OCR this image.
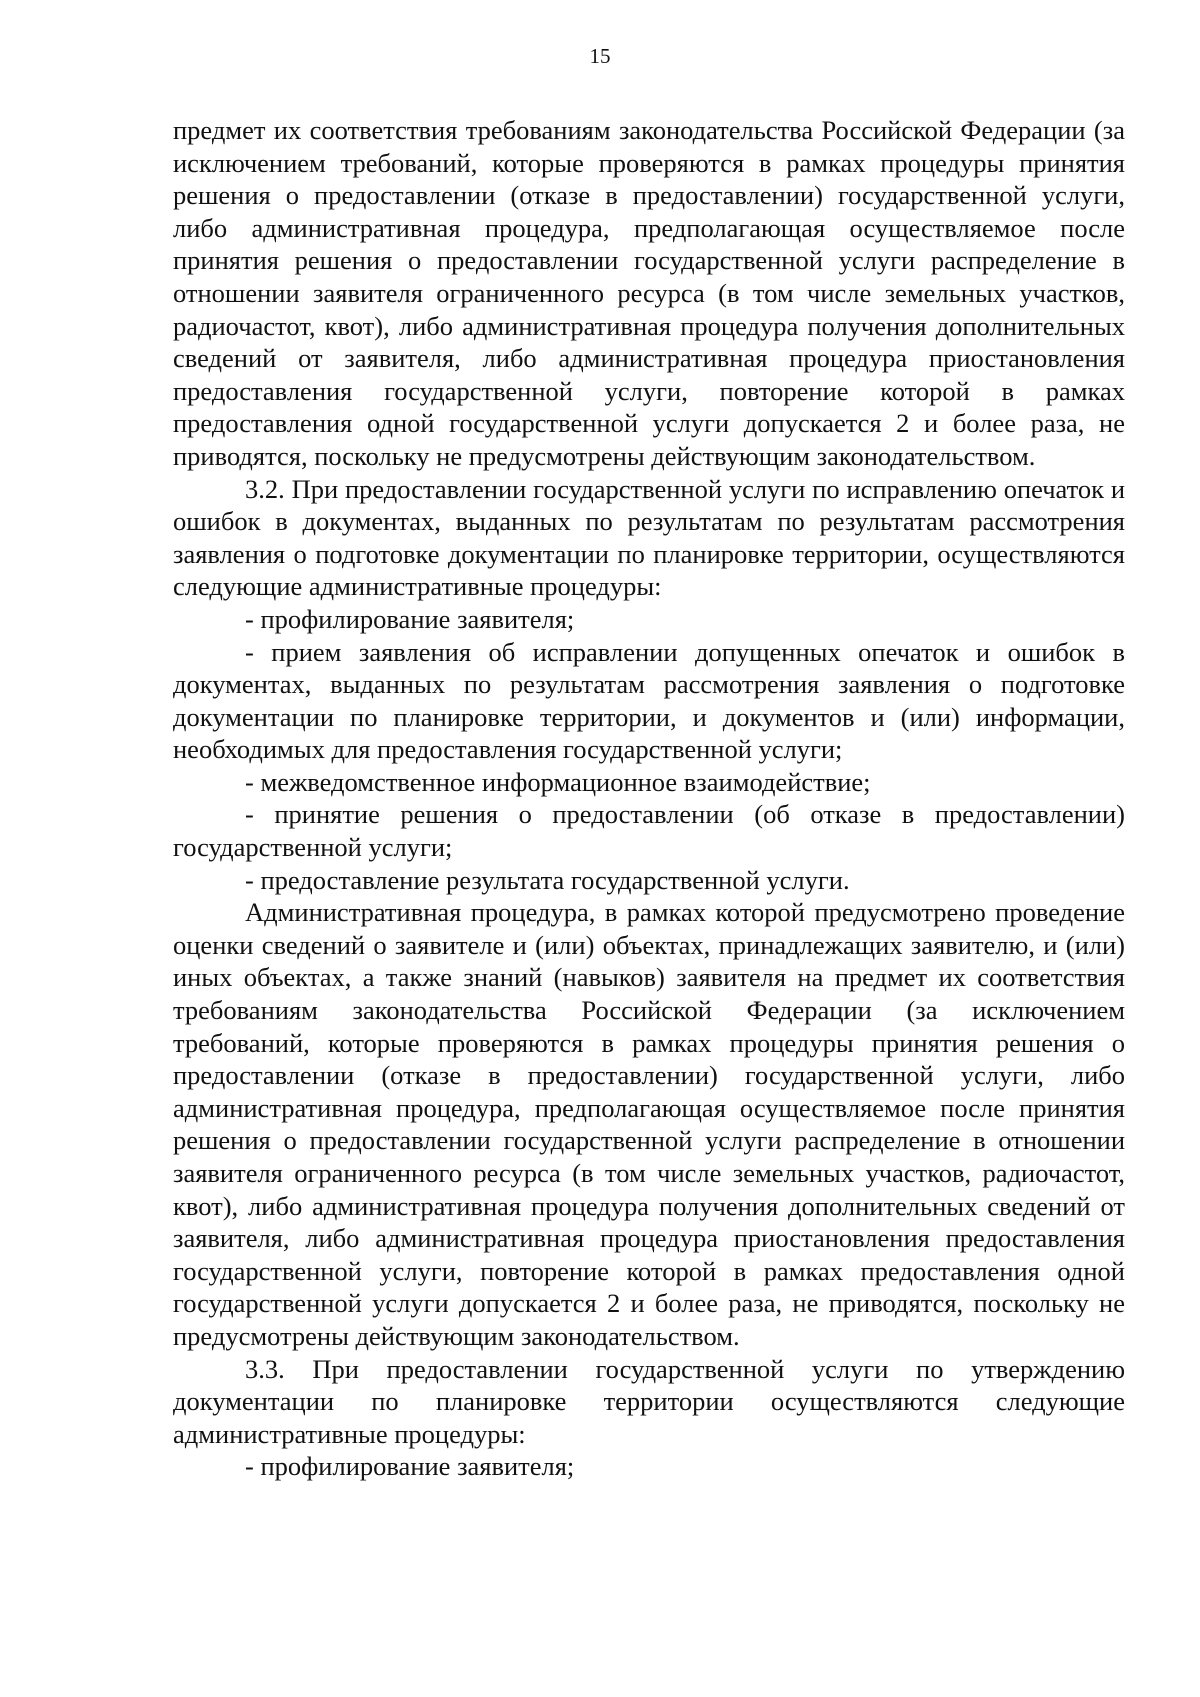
15

предмет их соответствия требованиям законодательства Российской Федерации (за исключением требований, которые проверяются в рамках процедуры принятия решения о предоставлении (отказе в предоставлении) государственной услуги, либо административная процедура, предполагающая осуществляемое после принятия решения о предоставлении государственной услуги распределение в отношении заявителя ограниченного ресурса (в том числе земельных участков, радиочастот, квот), либо административная процедура получения дополнительных сведений от заявителя, либо административная процедура приостановления предоставления государственной услуги, повторение которой в рамках предоставления одной государственной услуги допускается 2 и более раза, не приводятся, поскольку не предусмотрены действующим законодательством.

3.2. При предоставлении государственной услуги по исправлению опечаток и ошибок в документах, выданных по результатам по результатам рассмотрения заявления о подготовке документации по планировке территории, осуществляются следующие административные процедуры:

- профилирование заявителя;

- прием заявления об исправлении допущенных опечаток и ошибок в документах, выданных по результатам рассмотрения заявления о подготовке документации по планировке территории, и документов и (или) информации, необходимых для предоставления государственной услуги;

- межведомственное информационное взаимодействие;

- принятие решения о предоставлении (об отказе в предоставлении) государственной услуги;

- предоставление результата государственной услуги.

Административная процедура, в рамках которой предусмотрено проведение оценки сведений о заявителе и (или) объектах, принадлежащих заявителю, и (или) иных объектах, а также знаний (навыков) заявителя на предмет их соответствия требованиям законодательства Российской Федерации (за исключением требований, которые проверяются в рамках процедуры принятия решения о предоставлении (отказе в предоставлении) государственной услуги, либо административная процедура, предполагающая осуществляемое после принятия решения о предоставлении государственной услуги распределение в отношении заявителя ограниченного ресурса (в том числе земельных участков, радиочастот, квот), либо административная процедура получения дополнительных сведений от заявителя, либо административная процедура приостановления предоставления государственной услуги, повторение которой в рамках предоставления одной государственной услуги допускается 2 и более раза, не приводятся, поскольку не предусмотрены действующим законодательством.

3.3. При предоставлении государственной услуги по утверждению документации по планировке территории осуществляются следующие административные процедуры:

- профилирование заявителя;
